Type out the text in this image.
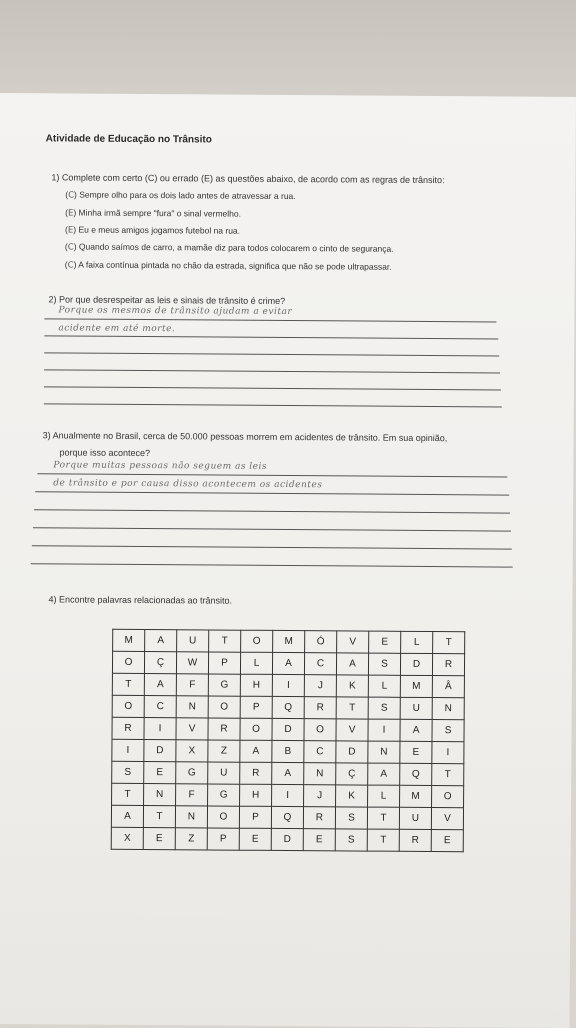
Atividade de Educação no Trânsito
1) Complete com certo (C) ou errado (E) as questões abaixo, de acordo com as regras de trânsito:
(C) Sempre olho para os dois lado antes de atravessar a rua.
(E) Minha irmã sempre "fura" o sinal vermelho.
(E) Eu e meus amigos jogamos futebol na rua.
(C) Quando saímos de carro, a mamãe diz para todos colocarem o cinto de segurança.
(C) A faixa contínua pintada no chão da estrada, significa que não se pode ultrapassar.
2) Por que desrespeitar as leis e sinais de trânsito é crime?
Porque os mesmos de trânsito ajudam a evitar
acidente em até morte.
3) Anualmente no Brasil, cerca de 50.000 pessoas morrem em acidentes de trânsito. Em sua opinião,
porque isso acontece?
Porque muitas pessoas não seguem as leis
de trânsito e por causa disso acontecem os acidentes
4) Encontre palavras relacionadas ao trânsito.
M	A	U	T	O	M	Ó	V	E	L	T
O	Ç	W	P	L	A	C	A	S	D	R
T	A	F	G	H	I	J	K	L	M	Â
O	C	N	O	P	Q	R	T	S	U	N
R	I	V	R	O	D	O	V	I	A	S
I	D	X	Z	A	B	C	D	N	E	I
S	E	G	U	R	A	N	Ç	A	Q	T
T	N	F	G	H	I	J	K	L	M	O
A	T	N	O	P	Q	R	S	T	U	V
X	E	Z	P	E	D	E	S	T	R	E
